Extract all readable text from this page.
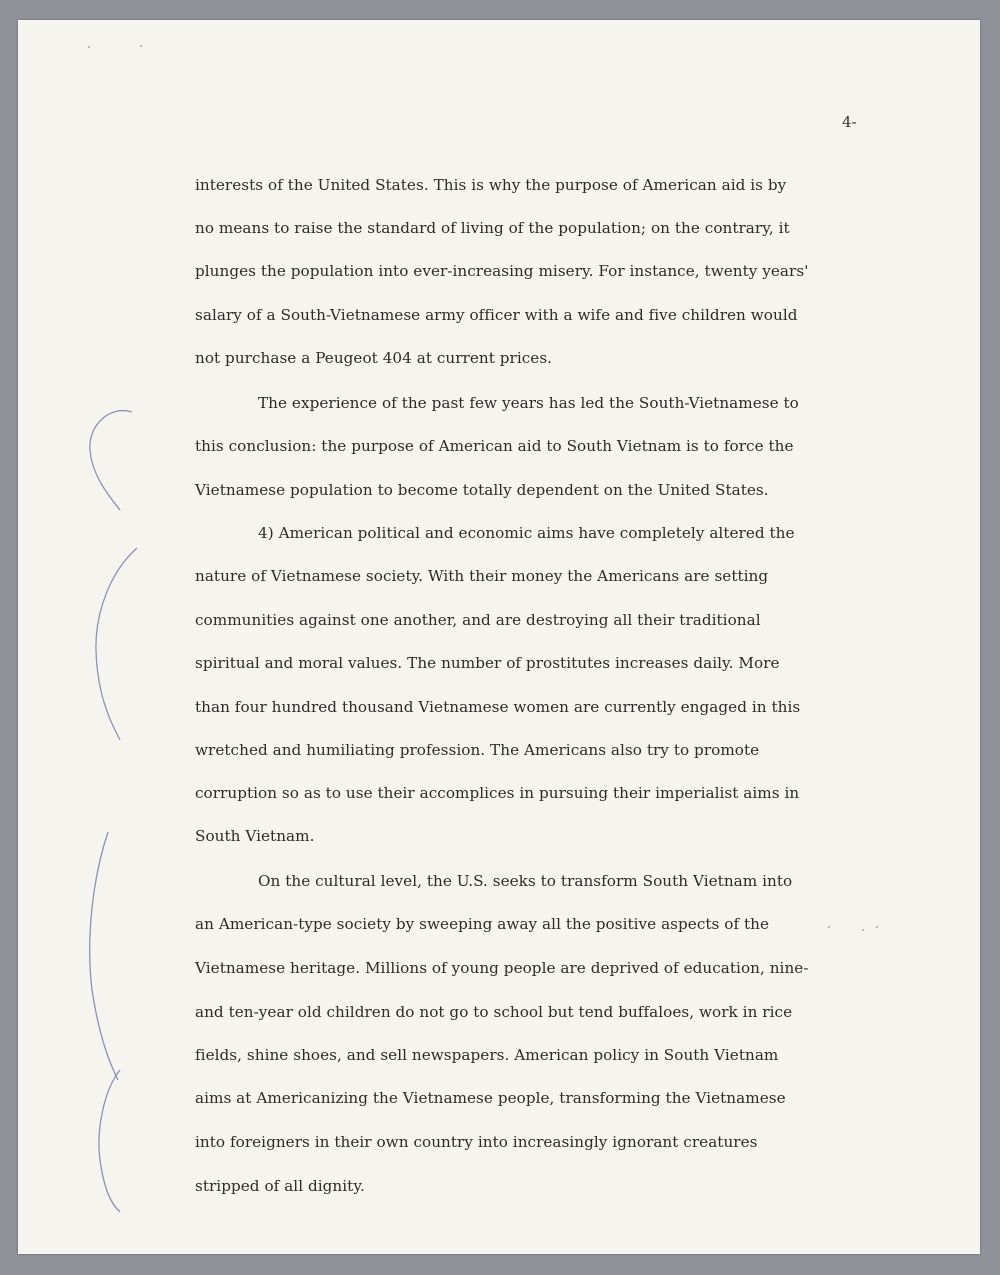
4-
interests of the United States. This is why the purpose of American aid is by
no means to raise the standard of living of the population; on the contrary, it
plunges the population into ever-increasing misery. For instance, twenty years'
salary of a South-Vietnamese army officer with a wife and five children would
not purchase a Peugeot 404 at current prices.
The experience of the past few years has led the South-Vietnamese to
this conclusion: the purpose of American aid to South Vietnam is to force the
Vietnamese population to become totally dependent on the United States.
4) American political and economic aims have completely altered the
nature of Vietnamese society. With their money the Americans are setting
communities against one another, and are destroying all their traditional
spiritual and moral values. The number of prostitutes increases daily. More
than four hundred thousand Vietnamese women are currently engaged in this
wretched and humiliating profession. The Americans also try to promote
corruption so as to use their accomplices in pursuing their imperialist aims in
South Vietnam.
On the cultural level, the U.S. seeks to transform South Vietnam into
an American-type society by sweeping away all the positive aspects of the
Vietnamese heritage. Millions of young people are deprived of education, nine-
and ten-year old children do not go to school but tend buffaloes, work in rice
fields, shine shoes, and sell newspapers. American policy in South Vietnam
aims at Americanizing the Vietnamese people, transforming the Vietnamese
into foreigners in their own country into increasingly ignorant creatures
stripped of all dignity.
